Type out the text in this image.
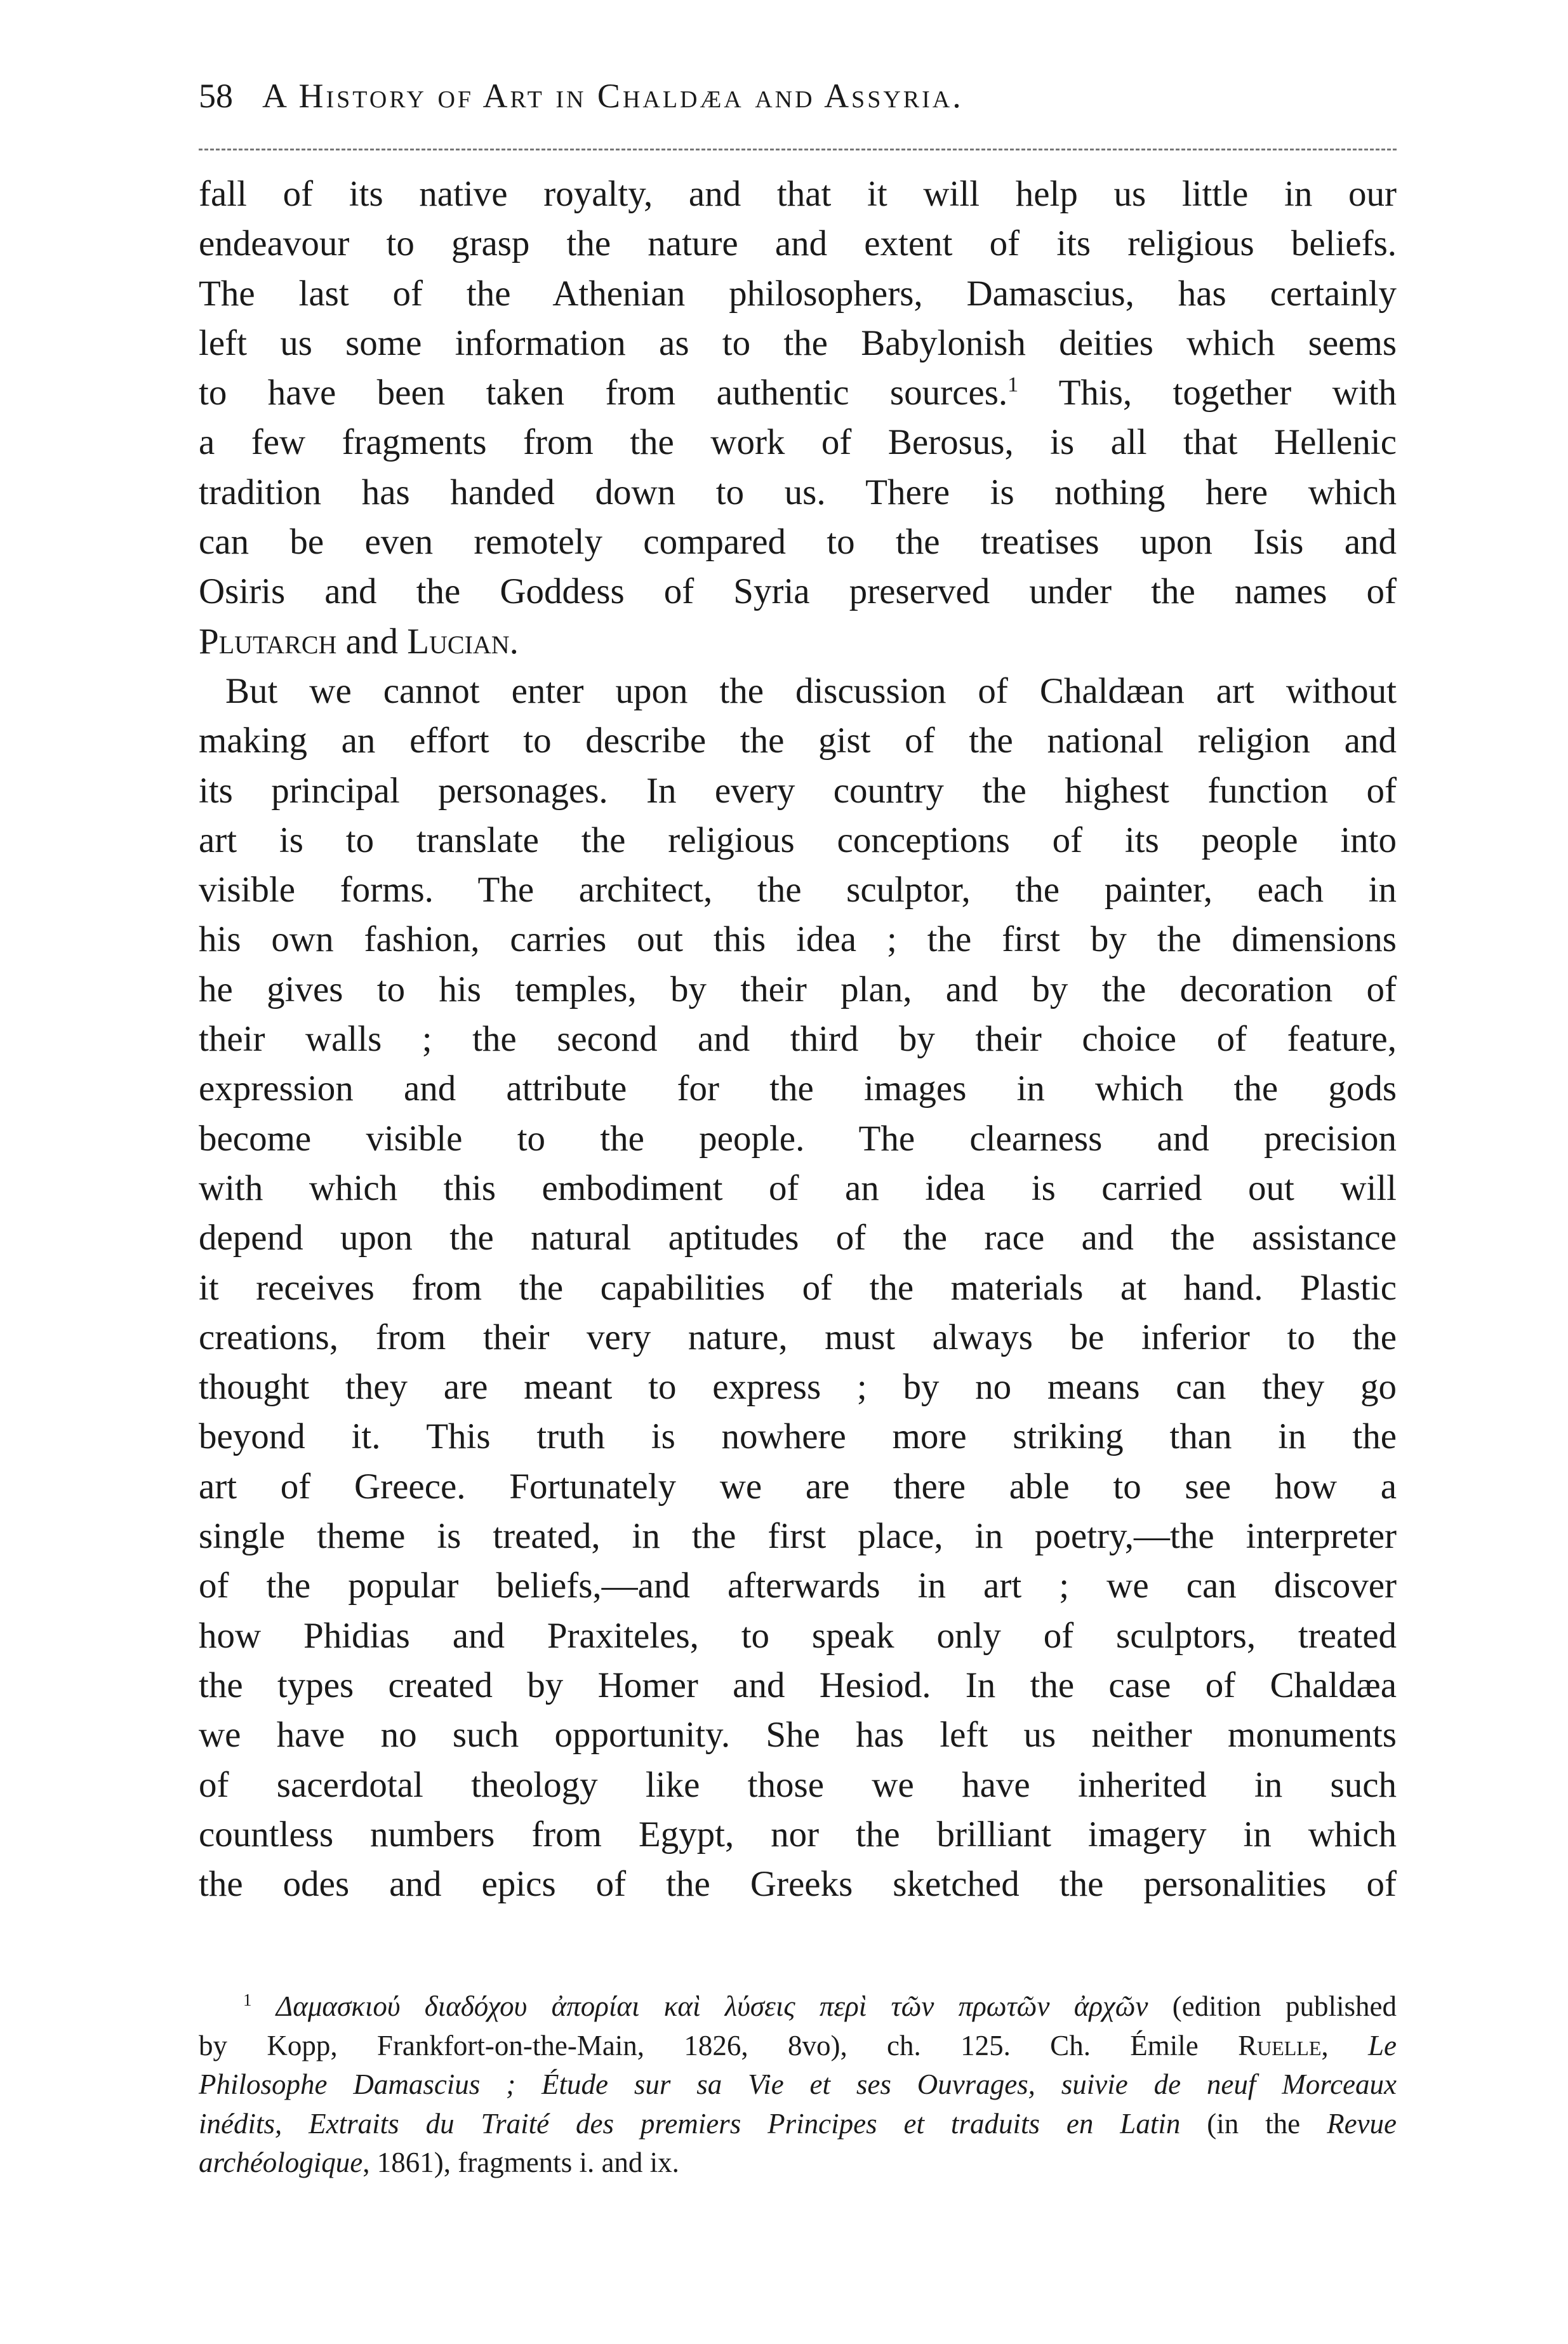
58 A History of Art in Chaldæa and Assyria.
fall of its native royalty, and that it will help us little in our
endeavour to grasp the nature and extent of its religious beliefs.
The last of the Athenian philosophers, Damascius, has certainly
left us some information as to the Babylonish deities which seems
to have been taken from authentic sources.$^1$ This, together with
a few fragments from the work of Berosus, is all that Hellenic
tradition has handed down to us. There is nothing here which
can be even remotely compared to the treatises upon Isis and
Osiris and the Goddess of Syria preserved under the names of
Plutarch and Lucian.
But we cannot enter upon the discussion of Chaldæan art without
making an effort to describe the gist of the national religion and
its principal personages. In every country the highest function of
art is to translate the religious conceptions of its people into
visible forms. The architect, the sculptor, the painter, each in
his own fashion, carries out this idea ; the first by the dimensions
he gives to his temples, by their plan, and by the decoration of
their walls ; the second and third by their choice of feature,
expression and attribute for the images in which the gods
become visible to the people. The clearness and precision
with which this embodiment of an idea is carried out will
depend upon the natural aptitudes of the race and the assistance
it receives from the capabilities of the materials at hand. Plastic
creations, from their very nature, must always be inferior to the
thought they are meant to express ; by no means can they go
beyond it. This truth is nowhere more striking than in the
art of Greece. Fortunately we are there able to see how a
single theme is treated, in the first place, in poetry,—the interpreter
of the popular beliefs,—and afterwards in art ; we can discover
how Phidias and Praxiteles, to speak only of sculptors, treated
the types created by Homer and Hesiod. In the case of Chaldæa
we have no such opportunity. She has left us neither monuments
of sacerdotal theology like those we have inherited in such
countless numbers from Egypt, nor the brilliant imagery in which
the odes and epics of the Greeks sketched the personalities of
$^1$ Δαμασκιού διαδόχου ἀπορίαι καὶ λύσεις περὶ τῶν πρωτῶν ἀρχῶν (edition published
by Kopp, Frankfort-on-the-Main, 1826, 8vo), ch. 125. Ch. Émile Ruelle, Le
Philosophe Damascius ; Étude sur sa Vie et ses Ouvrages, suivie de neuf Morceaux
inédits, Extraits du Traité des premiers Principes et traduits en Latin (in the Revue
archéologique, 1861), fragments i. and ix.
